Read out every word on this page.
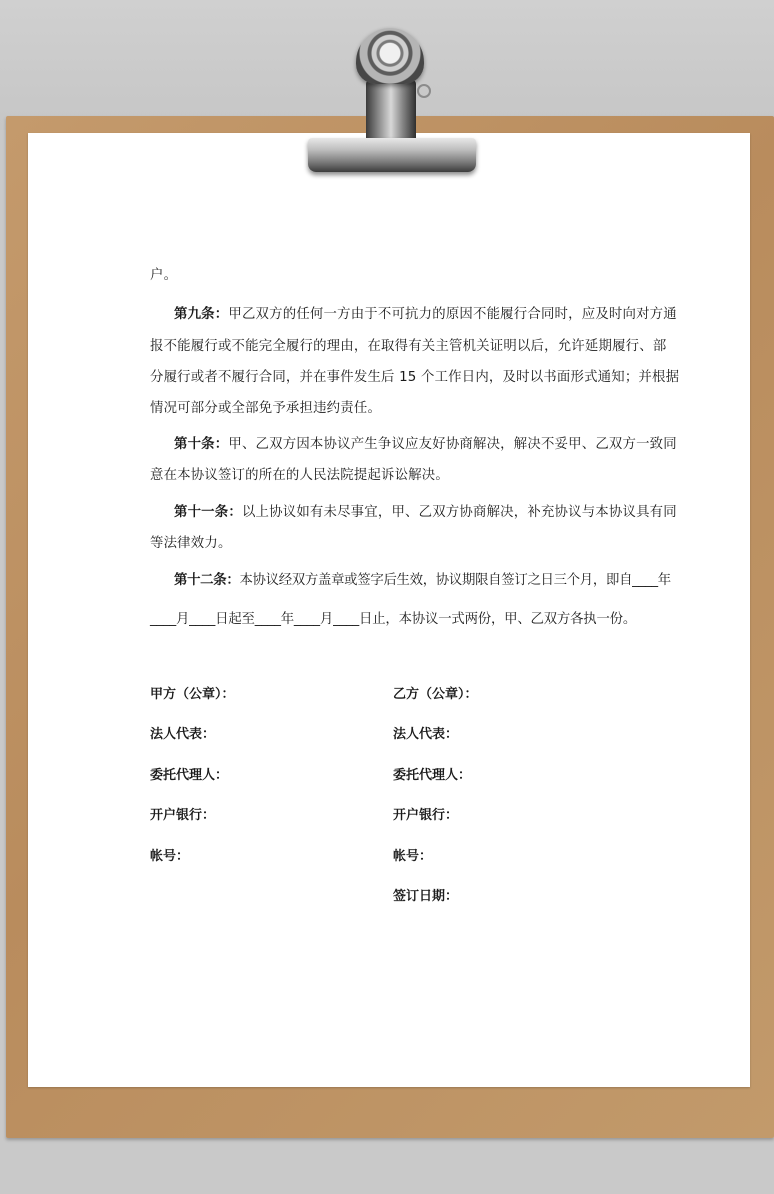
户。
第九条：甲乙双方的任何一方由于不可抗力的原因不能履行合同时，应及时向对方通
报不能履行或不能完全履行的理由，在取得有关主管机关证明以后，允许延期履行、部
分履行或者不履行合同，并在事件发生后 15 个工作日内，及时以书面形式通知；并根据
情况可部分或全部免予承担违约责任。
第十条：甲、乙双方因本协议产生争议应友好协商解决，解决不妥甲、乙双方一致同
意在本协议签订的所在的人民法院提起诉讼解决。
第十一条：以上协议如有未尽事宜，甲、乙双方协商解决，补充协议与本协议具有同
等法律效力。
第十二条：本协议经双方盖章或签字后生效，协议期限自签订之日三个月，即自____年
____月____日起至____年____月____日止，本协议一式两份，甲、乙双方各执一份。
甲方（公章）：
法人代表：
委托代理人：
开户银行：
帐号：
乙方（公章）：
法人代表：
委托代理人：
开户银行：
帐号：
签订日期：
